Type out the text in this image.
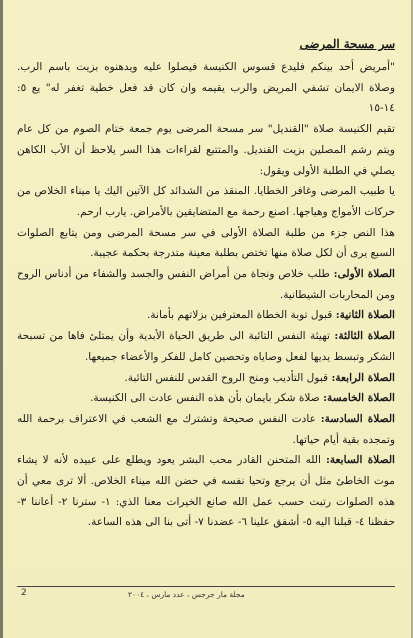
سر مسحة المرضى

"أمريض أحد بينكم فليدع قسوس الكنيسة فيصلوا عليه ويدهنوه بزيت باسم الرب. وصلاة الايمان تشفي المريض والرب يقيمه وان كان قد فعل خطية تغفر له" يع ٥: ١٤-١٥

تقيم الكنيسة صلاة "القنديل" سر مسحة المرضى يوم جمعة ختام الصوم من كل عام ويتم رشم المصلين بزيت القنديل. والمتتبع لقراءات هذا السر يلاحظ أن الأب الكاهن يصلي في الطلبة الأولى ويقول:

يا طبيب المرضى وغافر الخطايا. المنقذ من الشدائد كل الآتين اليك يا ميناء الخلاص من حركات الأمواج وهياجها. اصنع رحمة مع المتضايقين بالأمراض. يارب ارحم.

هذا النص جزء من طلبة الصلاة الأولى في سر مسحة المرضى ومن يتابع الصلوات السبع يرى أن لكل صلاة منها تختص بطلبة معينة متدرجة بحكمة عجيبة.

الصلاة الأولى: طلب خلاص ونجاة من أمراض النفس والجسد والشفاء من أدناس الروح ومن المحاربات الشيطانية.

الصلاة الثانية: قبول توبة الخطاة المعترفين بزلاتهم بأمانة.

الصلاة الثالثة: تهيئة النفس التائبة الى طريق الحياة الأبدية وأن يمتلئ فاها من تسبحة الشكر وتبسط يديها لفعل وصاياه وتحصين كامل للفكر والأعضاء جميعها.

الصلاة الرابعة: قبول التأديب ومنح الروح القدس للنفس التائبة.

الصلاة الخامسة: صلاة شكر بايمان بأن هذه النفس عادت الى الكنيسة.

الصلاة السادسة: عادت النفس صحيحة وتشترك مع الشعب في الاعتراف برحمة الله وتمجده بقية أيام حياتها.

الصلاة السابعة: الله المتحنن القادر محب البشر يعود ويطلع على عبيده لأنه لا يشاء موت الخاطئ مثل أن يرجع وتحيا نفسه في حضن الله ميناء الخلاص. ألا ترى معي أن هذه الصلوات رتبت حسب عمل الله صانع الخيرات معنا الذي: ١- سترنا ٢- أعاننا ٣- حفظنا ٤- قبلنا اليه ٥- أشفق علينا ٦- عضدنا ٧- أتى بنا الى هذه الساعة.

2	مجلة مار جرجس ، عدد مارس ، ٢٠٠٤
